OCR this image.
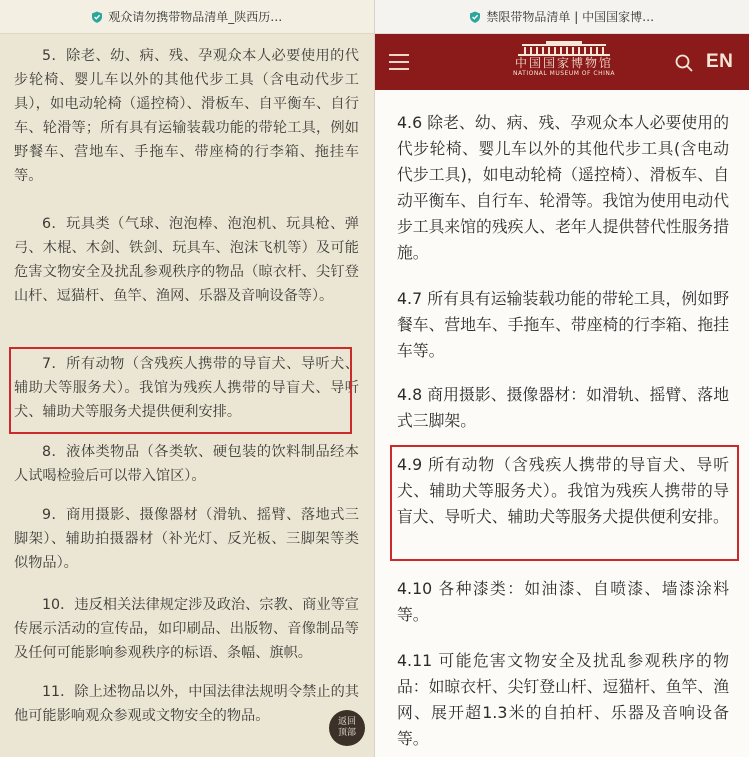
观众请勿携带物品清单_陕西历…

5．除老、幼、病、残、孕观众本人必要使用的代步轮椅、婴儿车以外的其他代步工具（含电动代步工具），如电动轮椅（遥控椅）、滑板车、自平衡车、自行车、轮滑等；所有具有运输装载功能的带轮工具，例如野餐车、营地车、手拖车、带座椅的行李箱、拖挂车等。

6．玩具类（气球、泡泡棒、泡泡机、玩具枪、弹弓、木棍、木剑、铁剑、玩具车、泡沫飞机等）及可能危害文物安全及扰乱参观秩序的物品（晾衣杆、尖钉登山杆、逗猫杆、鱼竿、渔网、乐器及音响设备等）。

7．所有动物（含残疾人携带的导盲犬、导听犬、辅助犬等服务犬）。我馆为残疾人携带的导盲犬、导听犬、辅助犬等服务犬提供便利安排。

8．液体类物品（各类软、硬包装的饮料制品经本人试喝检验后可以带入馆区）。

9．商用摄影、摄像器材（滑轨、摇臂、落地式三脚架）、辅助拍摄器材（补光灯、反光板、三脚架等类似物品）。

10．违反相关法律规定涉及政治、宗教、商业等宣传展示活动的宣传品，如印刷品、出版物、音像制品等及任何可能影响参观秩序的标语、条幅、旗帜。

11．除上述物品以外，中国法律法规明令禁止的其他可能影响观众参观或文物安全的物品。	返回
顶部
禁限带物品清单 | 中国国家博…
中国国家博物馆
NATIONAL MUSEUM OF CHINA
EN

4.6 除老、幼、病、残、孕观众本人必要使用的代步轮椅、婴儿车以外的其他代步工具(含电动代步工具)，如电动轮椅（遥控椅）、滑板车、自动平衡车、自行车、轮滑等。我馆为使用电动代步工具来馆的残疾人、老年人提供替代性服务措施。

4.7 所有具有运输装载功能的带轮工具，例如野餐车、营地车、手拖车、带座椅的行李箱、拖挂车等。

4.8 商用摄影、摄像器材：如滑轨、摇臂、落地式三脚架。

4.9 所有动物（含残疾人携带的导盲犬、导听犬、辅助犬等服务犬）。我馆为残疾人携带的导盲犬、导听犬、辅助犬等服务犬提供便利安排。

4.10 各种漆类：如油漆、自喷漆、墙漆涂料等。

4.11 可能危害文物安全及扰乱参观秩序的物品：如晾衣杆、尖钉登山杆、逗猫杆、鱼竿、渔网、展开超1.3米的自拍杆、乐器及音响设备等。
